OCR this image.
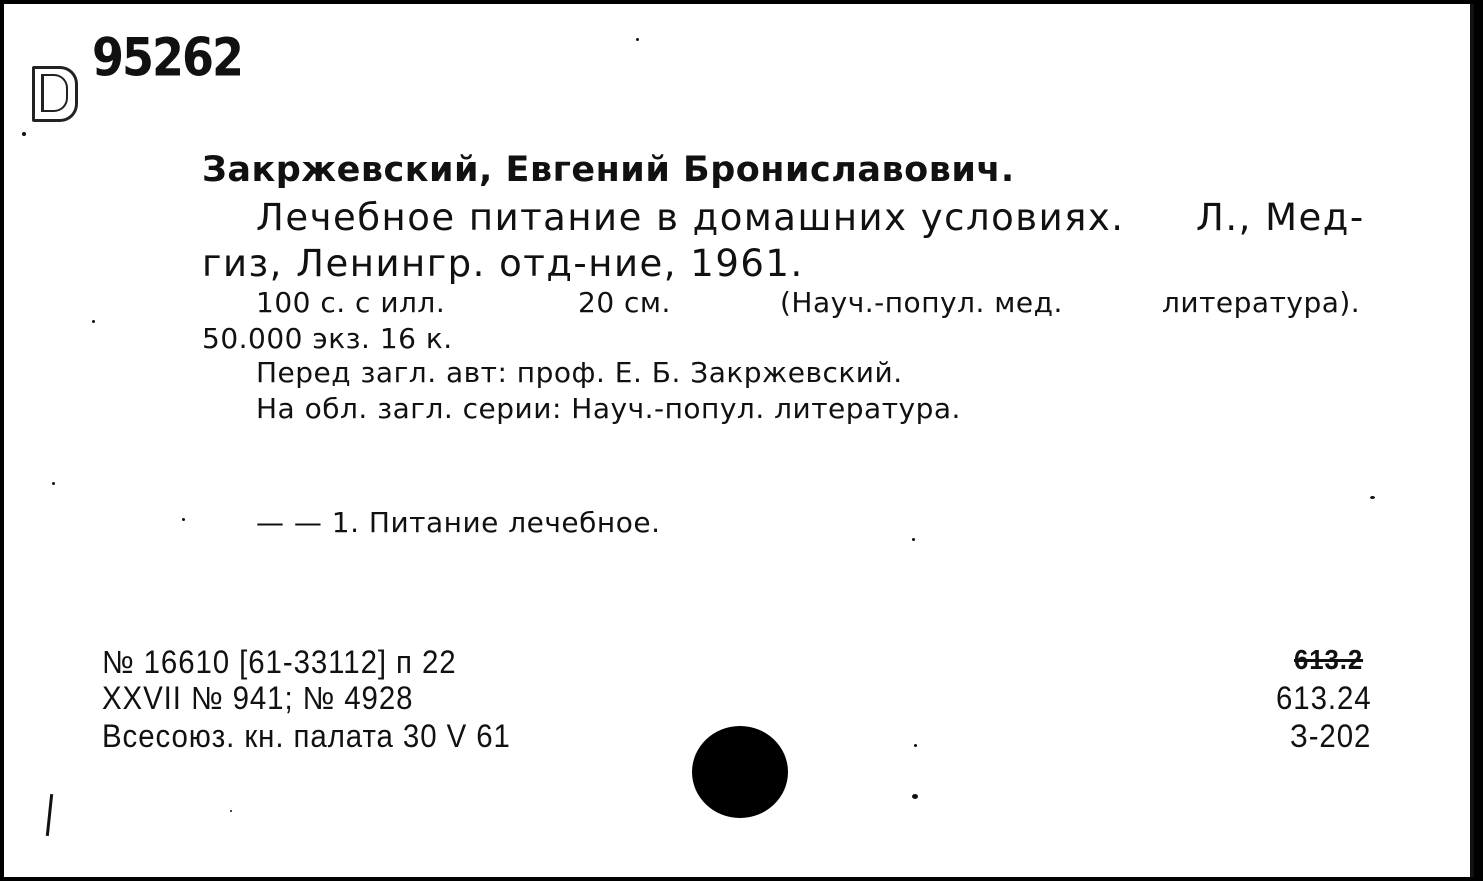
95262
Закржевский, Евгений Брониславович.
Лечебное питание в домашних условиях. Л., Мед-
гиз, Ленингр. отд-ние, 1961.
100 с. с илл.	20 см.	(Науч.-попул. мед.	литература).
50.000 экз. 16 к.
Перед загл. авт: проф. Е. Б. Закржевский.
На обл. загл. серии: Науч.-попул. литература.
— — 1. Питание лечебное.
№ 16610 [61-33112] п 22
XXVII № 941; № 4928
Всесоюз. кн. палата 30 V 61
613.2
613.24
З-202
